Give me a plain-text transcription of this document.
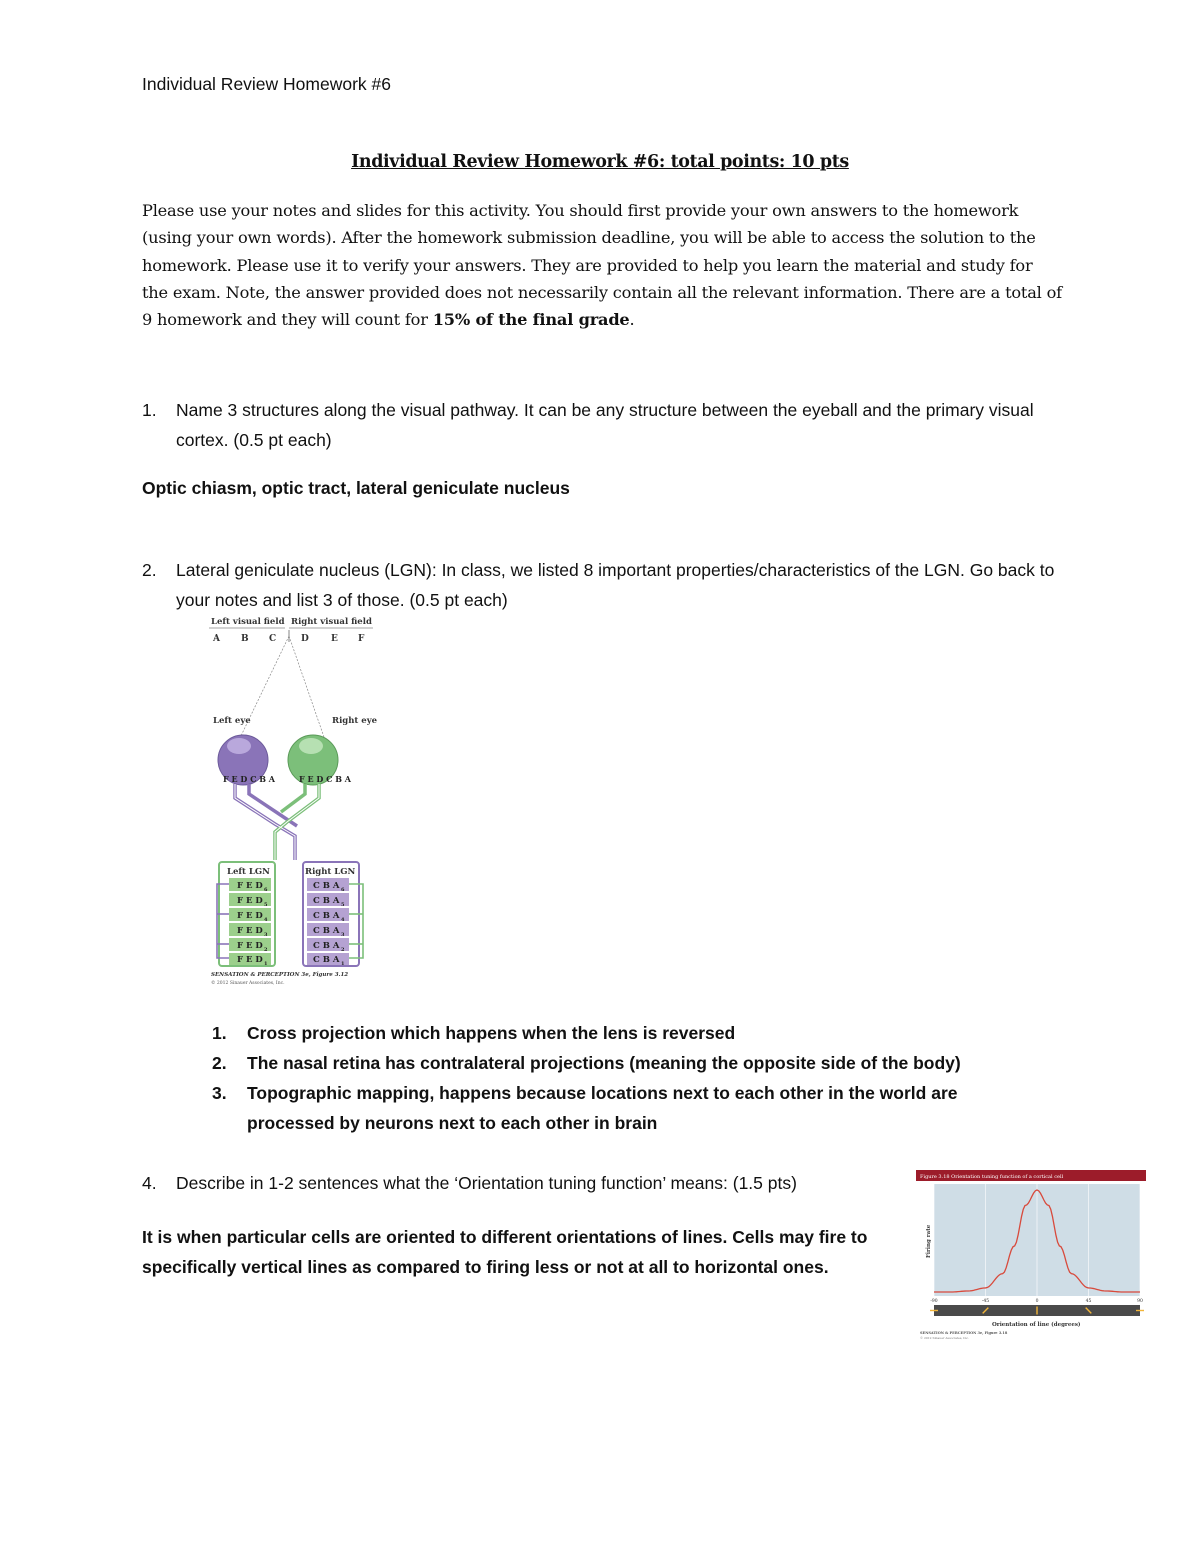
Individual Review Homework #6
Individual Review Homework #6: total points: 10 pts
Please use your notes and slides for this activity. You should first provide your own answers to the homework (using your own words). After the homework submission deadline, you will be able to access the solution to the homework. Please use it to verify your answers. They are provided to help you learn the material and study for the exam. Note, the answer provided does not necessarily contain all the relevant information. There are a total of 9 homework and they will count for 15% of the final grade.
1. Name 3 structures along the visual pathway. It can be any structure between the eyeball and the primary visual cortex. (0.5 pt each)
Optic chiasm, optic tract, lateral geniculate nucleus
2. Lateral geniculate nucleus (LGN): In class, we listed 8 important properties/characteristics of the LGN. Go back to your notes and list 3 of those. (0.5 pt each)
Left visual field Right visual field
A B C	D E F
Left eye	Right eye
F E D C B A	F E D C B A
Left LGN	Right LGN
F E D
F E D
F E D
F E D
F E D
F E D
C B A
C B A
C B A
C B A
C B A
C B A
6
5
4
3
2
1
6
5
4
3
2
1
SENSATION & PERCEPTION 3e, Figure 3.12
© 2012 Sinauer Associates, Inc.
1. Cross projection which happens when the lens is reversed
2. The nasal retina has contralateral projections (meaning the opposite side of the body)
3. Topographic mapping, happens because locations next to each other in the world are processed by neurons next to each other in brain
4. Describe in 1-2 sentences what the ‘Orientation tuning function’ means: (1.5 pts)
It is when particular cells are oriented to different orientations of lines. Cells may fire to specifically vertical lines as compared to firing less or not at all to horizontal ones.
Figure 3.18 Orientation tuning function of a cortical cell
-90	-45	0	45	90
Firing rate
Orientation of line (degrees)
SENSATION & PERCEPTION 3e, Figure 3.18
© 2012 Sinauer Associates, Inc.
